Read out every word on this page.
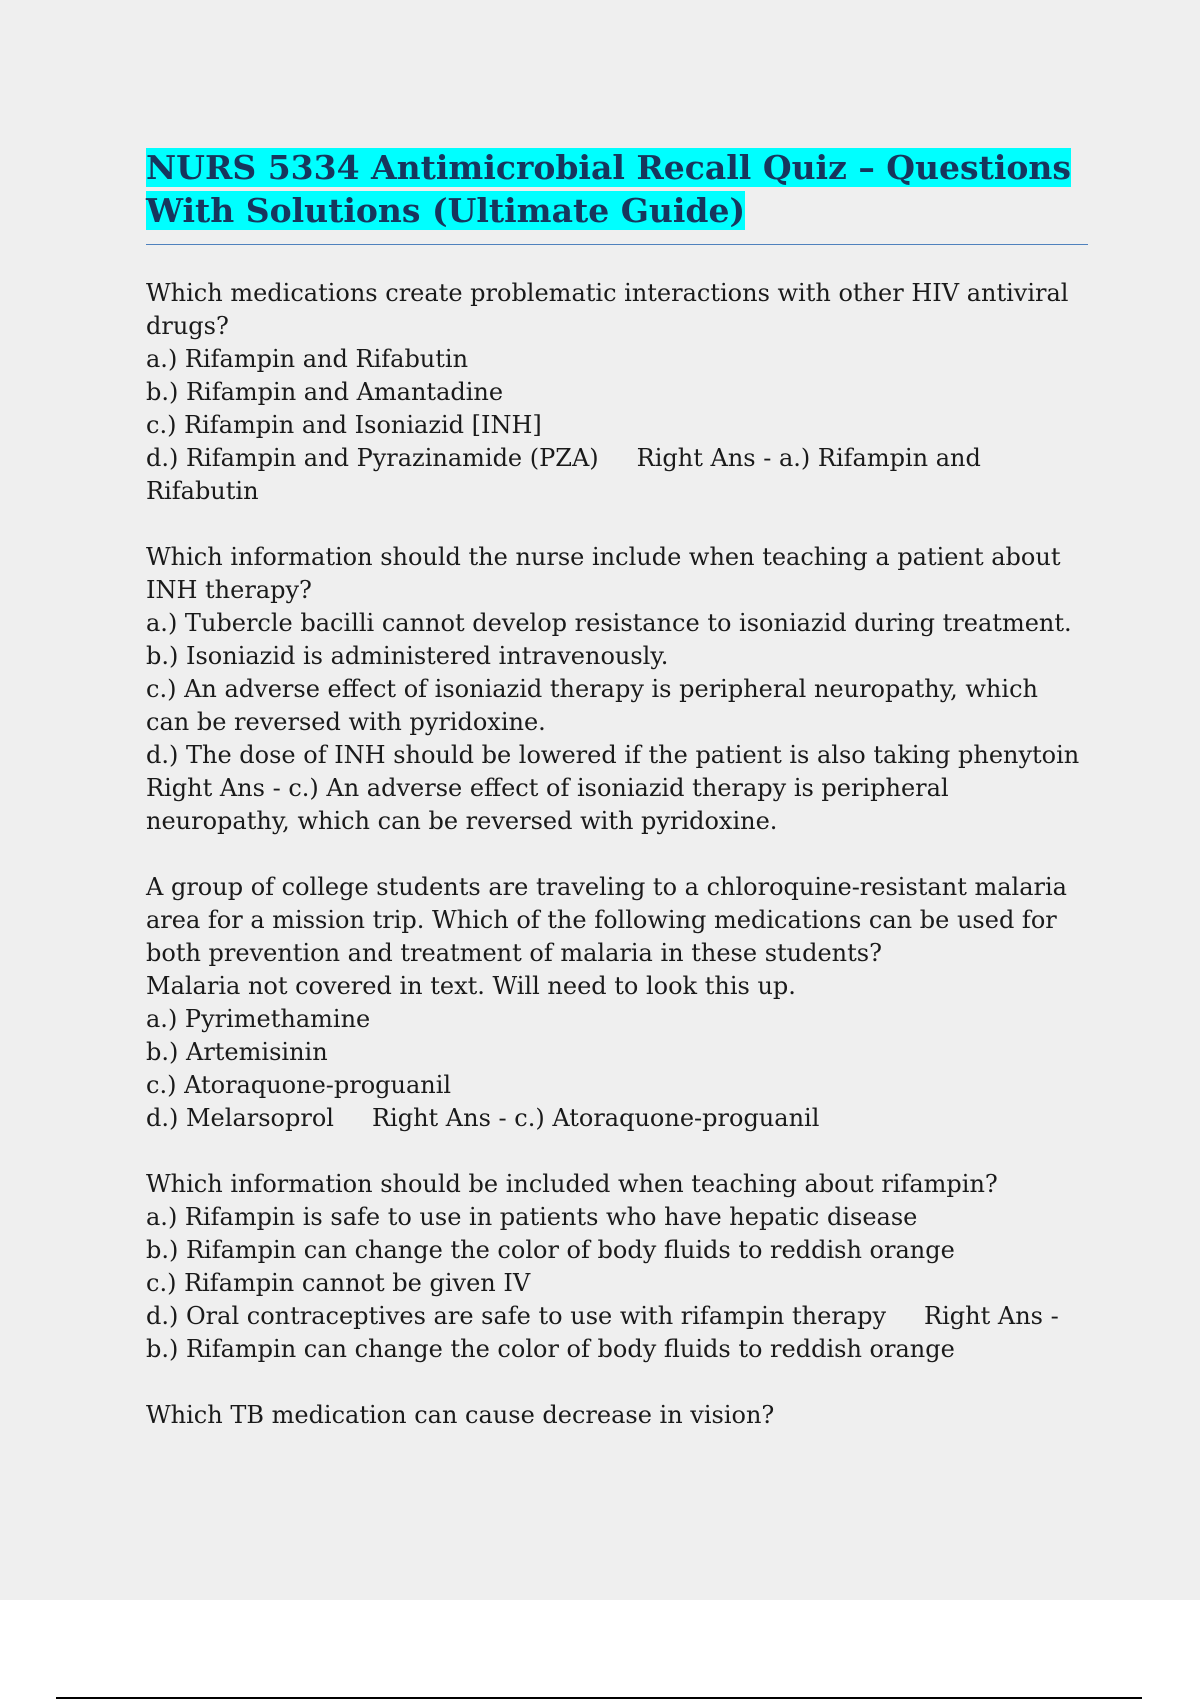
NURS 5334 Antimicrobial Recall Quiz – Questions With Solutions (Ultimate Guide)

Which medications create problematic interactions with other HIV antiviral drugs?

a.) Rifampin and Rifabutin

b.) Rifampin and Amantadine

c.) Rifampin and Isoniazid [INH]

d.) Rifampin and Pyrazinamide (PZA) Right Ans - a.) Rifampin and Rifabutin

Which information should the nurse include when teaching a patient about INH therapy?

a.) Tubercle bacilli cannot develop resistance to isoniazid during treatment.

b.) Isoniazid is administered intravenously.

c.) An adverse effect of isoniazid therapy is peripheral neuropathy, which can be reversed with pyridoxine.

d.) The dose of INH should be lowered if the patient is also taking phenytoin

Right Ans - c.) An adverse effect of isoniazid therapy is peripheral neuropathy, which can be reversed with pyridoxine.

A group of college students are traveling to a chloroquine-resistant malaria area for a mission trip. Which of the following medications can be used for both prevention and treatment of malaria in these students?

Malaria not covered in text. Will need to look this up.

a.) Pyrimethamine

b.) Artemisinin

c.) Atoraquone-proguanil

d.) Melarsoprol Right Ans - c.) Atoraquone-proguanil

Which information should be included when teaching about rifampin?

a.) Rifampin is safe to use in patients who have hepatic disease

b.) Rifampin can change the color of body fluids to reddish orange

c.) Rifampin cannot be given IV

d.) Oral contraceptives are safe to use with rifampin therapy Right Ans - b.) Rifampin can change the color of body fluids to reddish orange

Which TB medication can cause decrease in vision?
